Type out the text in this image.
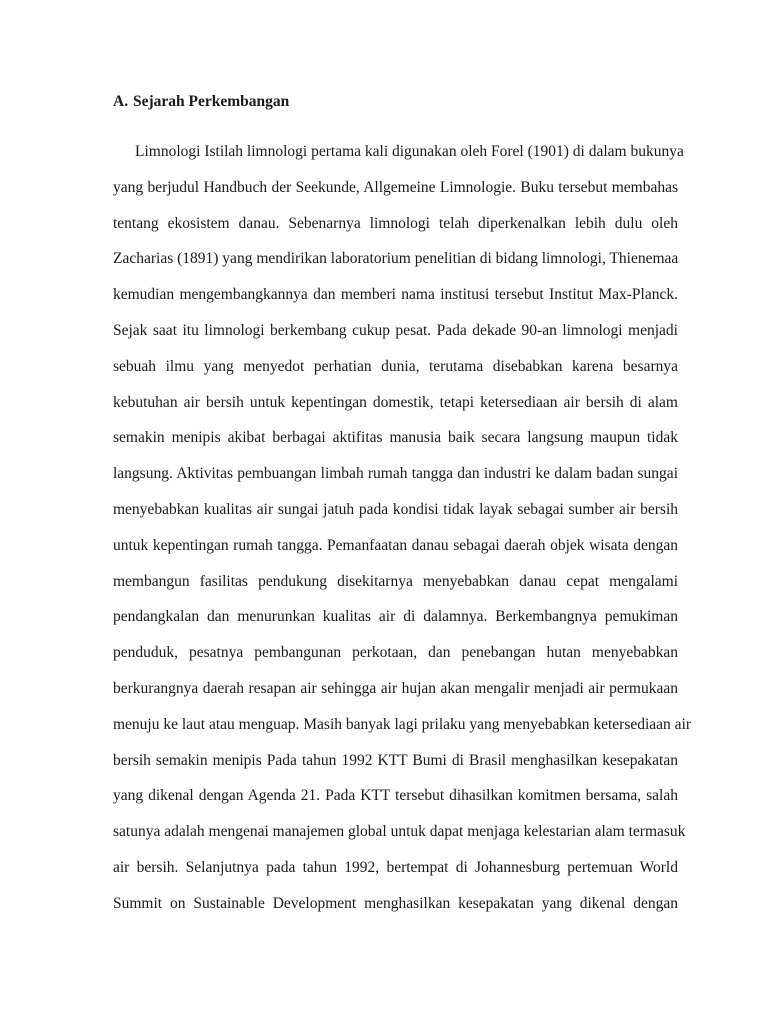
A. Sejarah Perkembangan
Limnologi Istilah limnologi pertama kali digunakan oleh Forel (1901) di dalam bukunya
yang berjudul Handbuch der Seekunde, Allgemeine Limnologie. Buku tersebut membahas
tentang ekosistem danau. Sebenarnya limnologi telah diperkenalkan lebih dulu oleh
Zacharias (1891) yang mendirikan laboratorium penelitian di bidang limnologi, Thienemaa
kemudian mengembangkannya dan memberi nama institusi tersebut Institut Max-Planck.
Sejak saat itu limnologi berkembang cukup pesat. Pada dekade 90-an limnologi menjadi
sebuah ilmu yang menyedot perhatian dunia, terutama disebabkan karena besarnya
kebutuhan air bersih untuk kepentingan domestik, tetapi ketersediaan air bersih di alam
semakin menipis akibat berbagai aktifitas manusia baik secara langsung maupun tidak
langsung. Aktivitas pembuangan limbah rumah tangga dan industri ke dalam badan sungai
menyebabkan kualitas air sungai jatuh pada kondisi tidak layak sebagai sumber air bersih
untuk kepentingan rumah tangga. Pemanfaatan danau sebagai daerah objek wisata dengan
membangun fasilitas pendukung disekitarnya menyebabkan danau cepat mengalami
pendangkalan dan menurunkan kualitas air di dalamnya. Berkembangnya pemukiman
penduduk, pesatnya pembangunan perkotaan, dan penebangan hutan menyebabkan
berkurangnya daerah resapan air sehingga air hujan akan mengalir menjadi air permukaan
menuju ke laut atau menguap. Masih banyak lagi prilaku yang menyebabkan ketersediaan air
bersih semakin menipis Pada tahun 1992 KTT Bumi di Brasil menghasilkan kesepakatan
yang dikenal dengan Agenda 21. Pada KTT tersebut dihasilkan komitmen bersama, salah
satunya adalah mengenai manajemen global untuk dapat menjaga kelestarian alam termasuk
air bersih. Selanjutnya pada tahun 1992, bertempat di Johannesburg pertemuan World
Summit on Sustainable Development menghasilkan kesepakatan yang dikenal dengan
